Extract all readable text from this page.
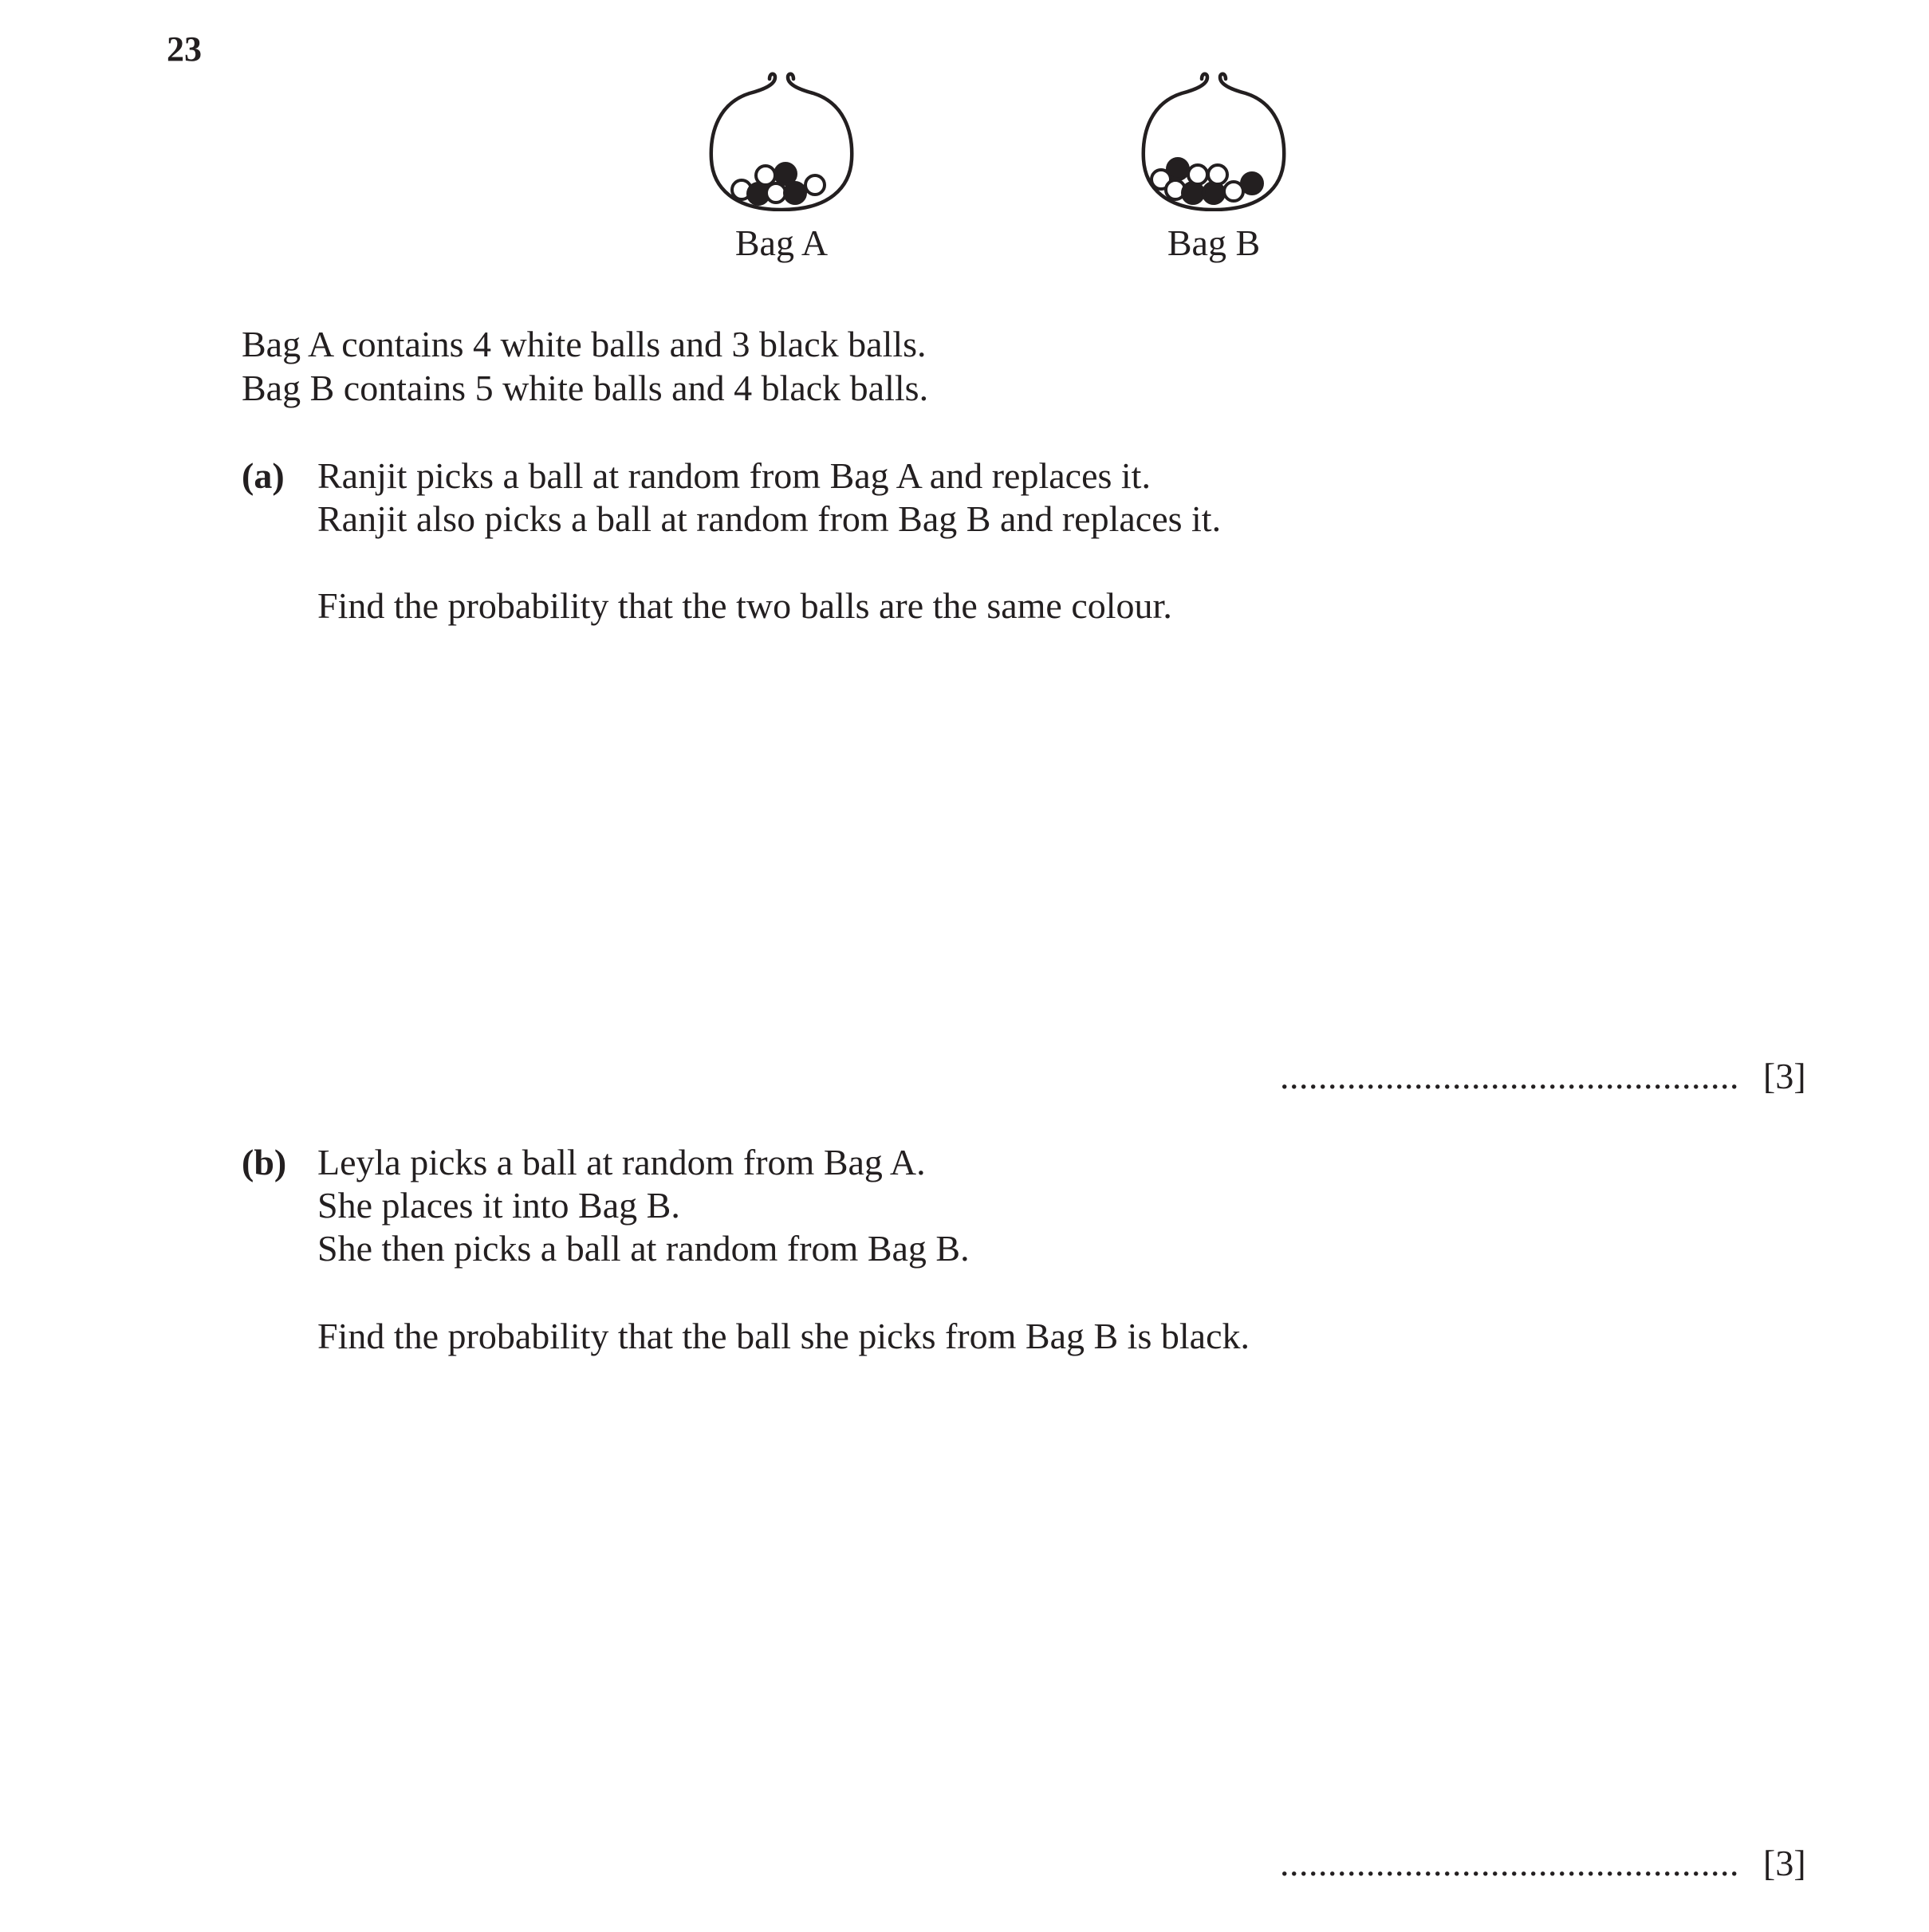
23
Bag A	Bag B
Bag A contains 4 white balls and 3 black balls.
Bag B contains 5 white balls and 4 black balls.
(a) Ranjit picks a ball at random from Bag A and replaces it.
Ranjit also picks a ball at random from Bag B and replaces it.
Find the probability that the two balls are the same colour.
................................................ [3]
(b) Leyla picks a ball at random from Bag A.
She places it into Bag B.
She then picks a ball at random from Bag B.
Find the probability that the ball she picks from Bag B is black.
................................................ [3]
